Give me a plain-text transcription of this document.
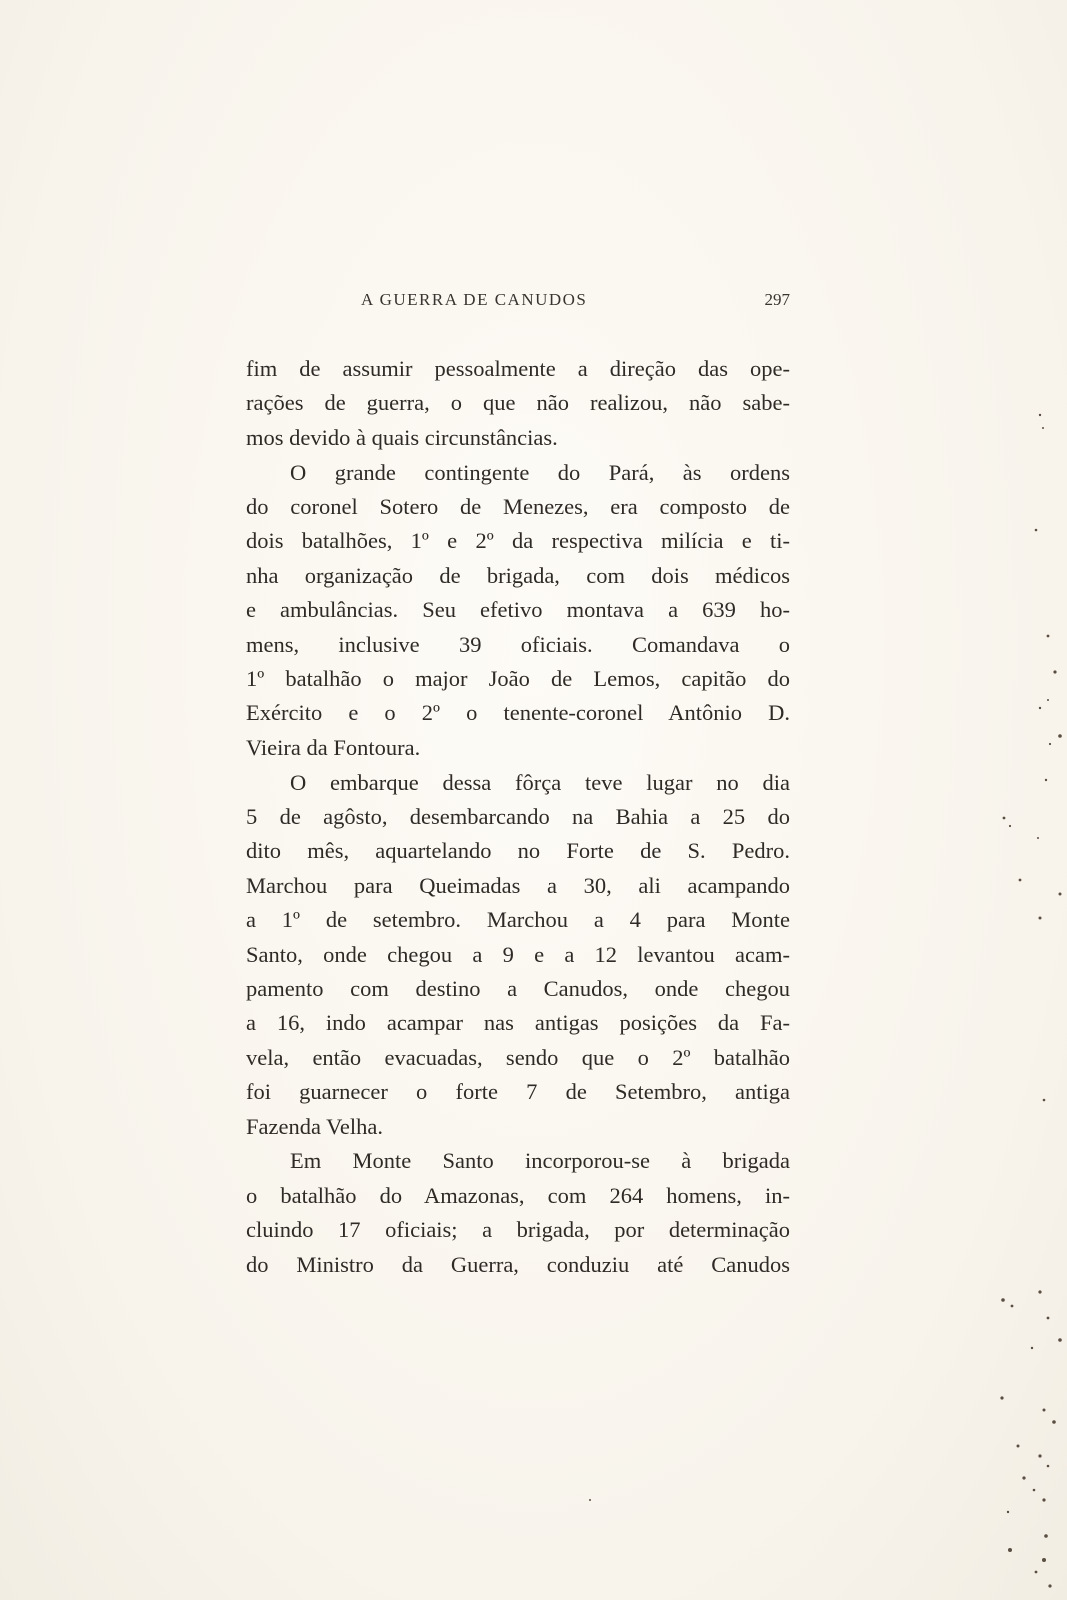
A GUERRA DE CANUDOS	297
fim de assumir pessoalmente a direção das ope-
rações de guerra, o que não realizou, não sabe-
mos devido à quais circunstâncias.
O grande contingente do Pará, às ordens
do coronel Sotero de Menezes, era composto de
dois batalhões, 1º e 2º da respectiva milícia e ti-
nha organização de brigada, com dois médicos
e ambulâncias. Seu efetivo montava a 639 ho-
mens, inclusive 39 oficiais. Comandava o
1º batalhão o major João de Lemos, capitão do
Exército e o 2º o tenente-coronel Antônio D.
Vieira da Fontoura.
O embarque dessa fôrça teve lugar no dia
5 de agôsto, desembarcando na Bahia a 25 do
dito mês, aquartelando no Forte de S. Pedro.
Marchou para Queimadas a 30, ali acampando
a 1º de setembro. Marchou a 4 para Monte
Santo, onde chegou a 9 e a 12 levantou acam-
pamento com destino a Canudos, onde chegou
a 16, indo acampar nas antigas posições da Fa-
vela, então evacuadas, sendo que o 2º batalhão
foi guarnecer o forte 7 de Setembro, antiga
Fazenda Velha.
Em Monte Santo incorporou-se à brigada
o batalhão do Amazonas, com 264 homens, in-
cluindo 17 oficiais; a brigada, por determinação
do Ministro da Guerra, conduziu até Canudos
